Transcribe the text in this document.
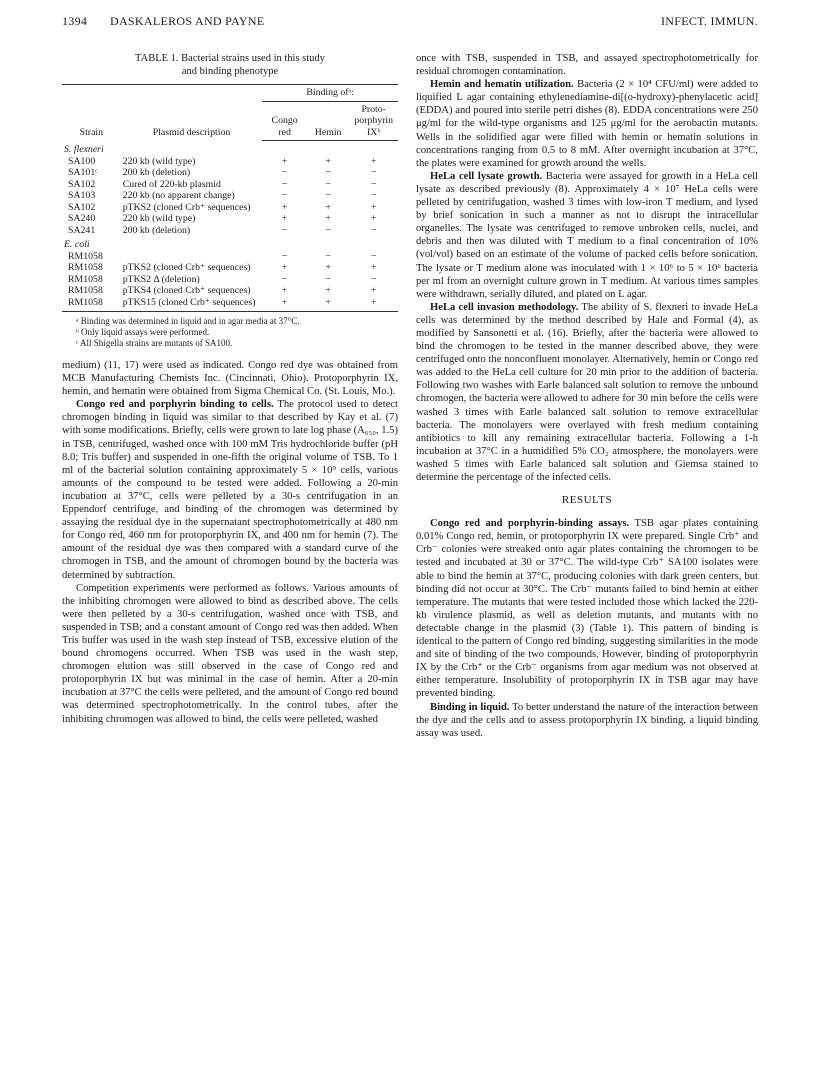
1394 DASKALEROS AND PAYNE	INFECT. IMMUN.
TABLE 1. Bacterial strains used in this study
and binding phenotype
Strain	Plasmid description	Binding ofᵃ:		
		Congo red	Hemin	Proto-porphyrin IXᵇ
S. flexneri				
SA100	220 kb (wild type)	+	+	+
SA101ᶜ	200 kb (deletion)	−	−	−
SA102	Cured of 220-kb plasmid	−	−	−
SA103	220 kb (no apparent change)	−	−	−
SA102	pTKS2 (cloned Crb⁺ sequences)	+	+	+
SA240	220 kb (wild type)	+	+	+
SA241	200 kb (deletion)	−	−	−
E. coli				
RM1058		−	−	−
RM1058	pTKS2 (cloned Crb⁺ sequences)	+	+	+
RM1058	pTKS2 Δ (deletion)	−	−	−
RM1058	pTKS4 (cloned Crb⁺ sequences)	+	+	+
RM1058	pTKS15 (cloned Crb⁺ sequences)	+	+	+

ᵃ Binding was determined in liquid and in agar media at 37°C.
ᵇ Only liquid assays were performed.
ᶜ All Shigella strains are mutants of SA100.

medium) (11, 17) were used as indicated. Congo red dye was obtained from MCB Manufacturing Chemists Inc. (Cincinnati, Ohio). Protoporphyrin IX, hemin, and hematin were obtained from Sigma Chemical Co. (St. Louis, Mo.).

Congo red and porphyrin binding to cells. The protocol used to detect chromogen binding in liquid was similar to that described by Kay et al. (7) with some modifications. Briefly, cells were grown to late log phase (A₆₅₀, 1.5) in TSB, centrifuged, washed once with 100 mM Tris hydrochloride buffer (pH 8.0; Tris buffer) and suspended in one-fifth the original volume of TSB. To 1 ml of the bacterial solution containing approximately 5 × 10⁹ cells, various amounts of the compound to be tested were added. Following a 20-min incubation at 37°C, cells were pelleted by a 30-s centrifugation in an Eppendorf centrifuge, and binding of the chromogen was determined by assaying the residual dye in the supernatant spectrophotometrically at 480 nm for Congo red, 460 nm for protoporphyrin IX, and 400 nm for hemin (7). The amount of the residual dye was then compared with a standard curve of the chromogen in TSB, and the amount of chromogen bound by the bacteria was determined by subtraction.

Competition experiments were performed as follows. Various amounts of the inhibiting chromogen were allowed to bind as described above. The cells were then pelleted by a 30-s centrifugation, washed once with TSB, and suspended in TSB; and a constant amount of Congo red was then added. When Tris buffer was used in the wash step instead of TSB, excessive elution of the bound chromogens occurred. When TSB was used in the wash step, chromogen elution was still observed in the case of Congo red and protoporphyrin IX but was minimal in the case of hemin. After a 20-min incubation at 37°C the cells were pelleted, and the amount of Congo red bound was determined spectrophotometrically. In the control tubes, after the inhibiting chromogen was allowed to bind, the cells were pelleted, washed

once with TSB, suspended in TSB, and assayed spectrophotometrically for residual chromogen contamination.

Hemin and hematin utilization. Bacteria (2 × 10⁴ CFU/ml) were added to liquified L agar containing ethylenediamine-di[(o-hydroxy)-phenylacetic acid] (EDDA) and poured into sterile petri dishes (8). EDDA concentrations were 250 μg/ml for the wild-type organisms and 125 μg/ml for the aerobactin mutants. Wells in the solidified agar were filled with hemin or hematin solutions in concentrations ranging from 0.5 to 8 mM. After overnight incubation at 37°C, the plates were examined for growth around the wells.

HeLa cell lysate growth. Bacteria were assayed for growth in a HeLa cell lysate as described previously (8). Approximately 4 × 10⁷ HeLa cells were pelleted by centrifugation, washed 3 times with low-iron T medium, and lysed by brief sonication in such a manner as not to disrupt the intracellular organelles. The lysate was centrifuged to remove unbroken cells, nuclei, and debris and then was diluted with T medium to a final concentration of 10% (vol/vol) based on an estimate of the volume of packed cells before sonication. The lysate or T medium alone was inoculated with 1 × 10⁶ to 5 × 10⁶ bacteria per ml from an overnight culture grown in T medium. At various times samples were withdrawn, serially diluted, and plated on L agar.

HeLa cell invasion methodology. The ability of S. flexneri to invade HeLa cells was determined by the method described by Hale and Formal (4), as modified by Sansonetti et al. (16). Briefly, after the bacteria were allowed to bind the chromogen to be tested in the manner described above, they were centrifuged onto the nonconfluent monolayer. Alternatively, hemin or Congo red was added to the HeLa cell culture for 20 min prior to the addition of bacteria. Following two washes with Earle balanced salt solution to remove the unbound chromogen, the bacteria were allowed to adhere for 30 min before the cells were washed 3 times with Earle balanced salt solution to remove extracellular bacteria. The monolayers were overlayed with fresh medium containing antibiotics to kill any remaining extracellular bacteria. Following a 1-h incubation at 37°C in a humidified 5% CO₂ atmosphere, the monolayers were washed 5 times with Earle balanced salt solution and Giemsa stained to determine the percentage of the infected cells.

RESULTS

Congo red and porphyrin-binding assays. TSB agar plates containing 0.01% Congo red, hemin, or protoporphyrin IX were prepared. Single Crb⁺ and Crb⁻ colonies were streaked onto agar plates containing the chromogen to be tested and incubated at 30 or 37°C. The wild-type Crb⁺ SA100 isolates were able to bind the hemin at 37°C, producing colonies with dark green centers, but binding did not occur at 30°C. The Crb⁻ mutants failed to bind hemin at either temperature. The mutants that were tested included those which lacked the 220-kb virulence plasmid, as well as deletion mutants, and mutants with no detectable change in the plasmid (3) (Table 1). This pattern of binding is identical to the pattern of Congo red binding, suggesting similarities in the mode and site of binding of the two compounds. However, binding of protoporphyrin IX by the Crb⁺ or the Crb⁻ organisms from agar medium was not observed at either temperature. Insolubility of protoporphyrin IX in TSB agar may have prevented binding.

Binding in liquid. To better understand the nature of the interaction between the dye and the cells and to assess protoporphyrin IX binding, a liquid binding assay was used.
